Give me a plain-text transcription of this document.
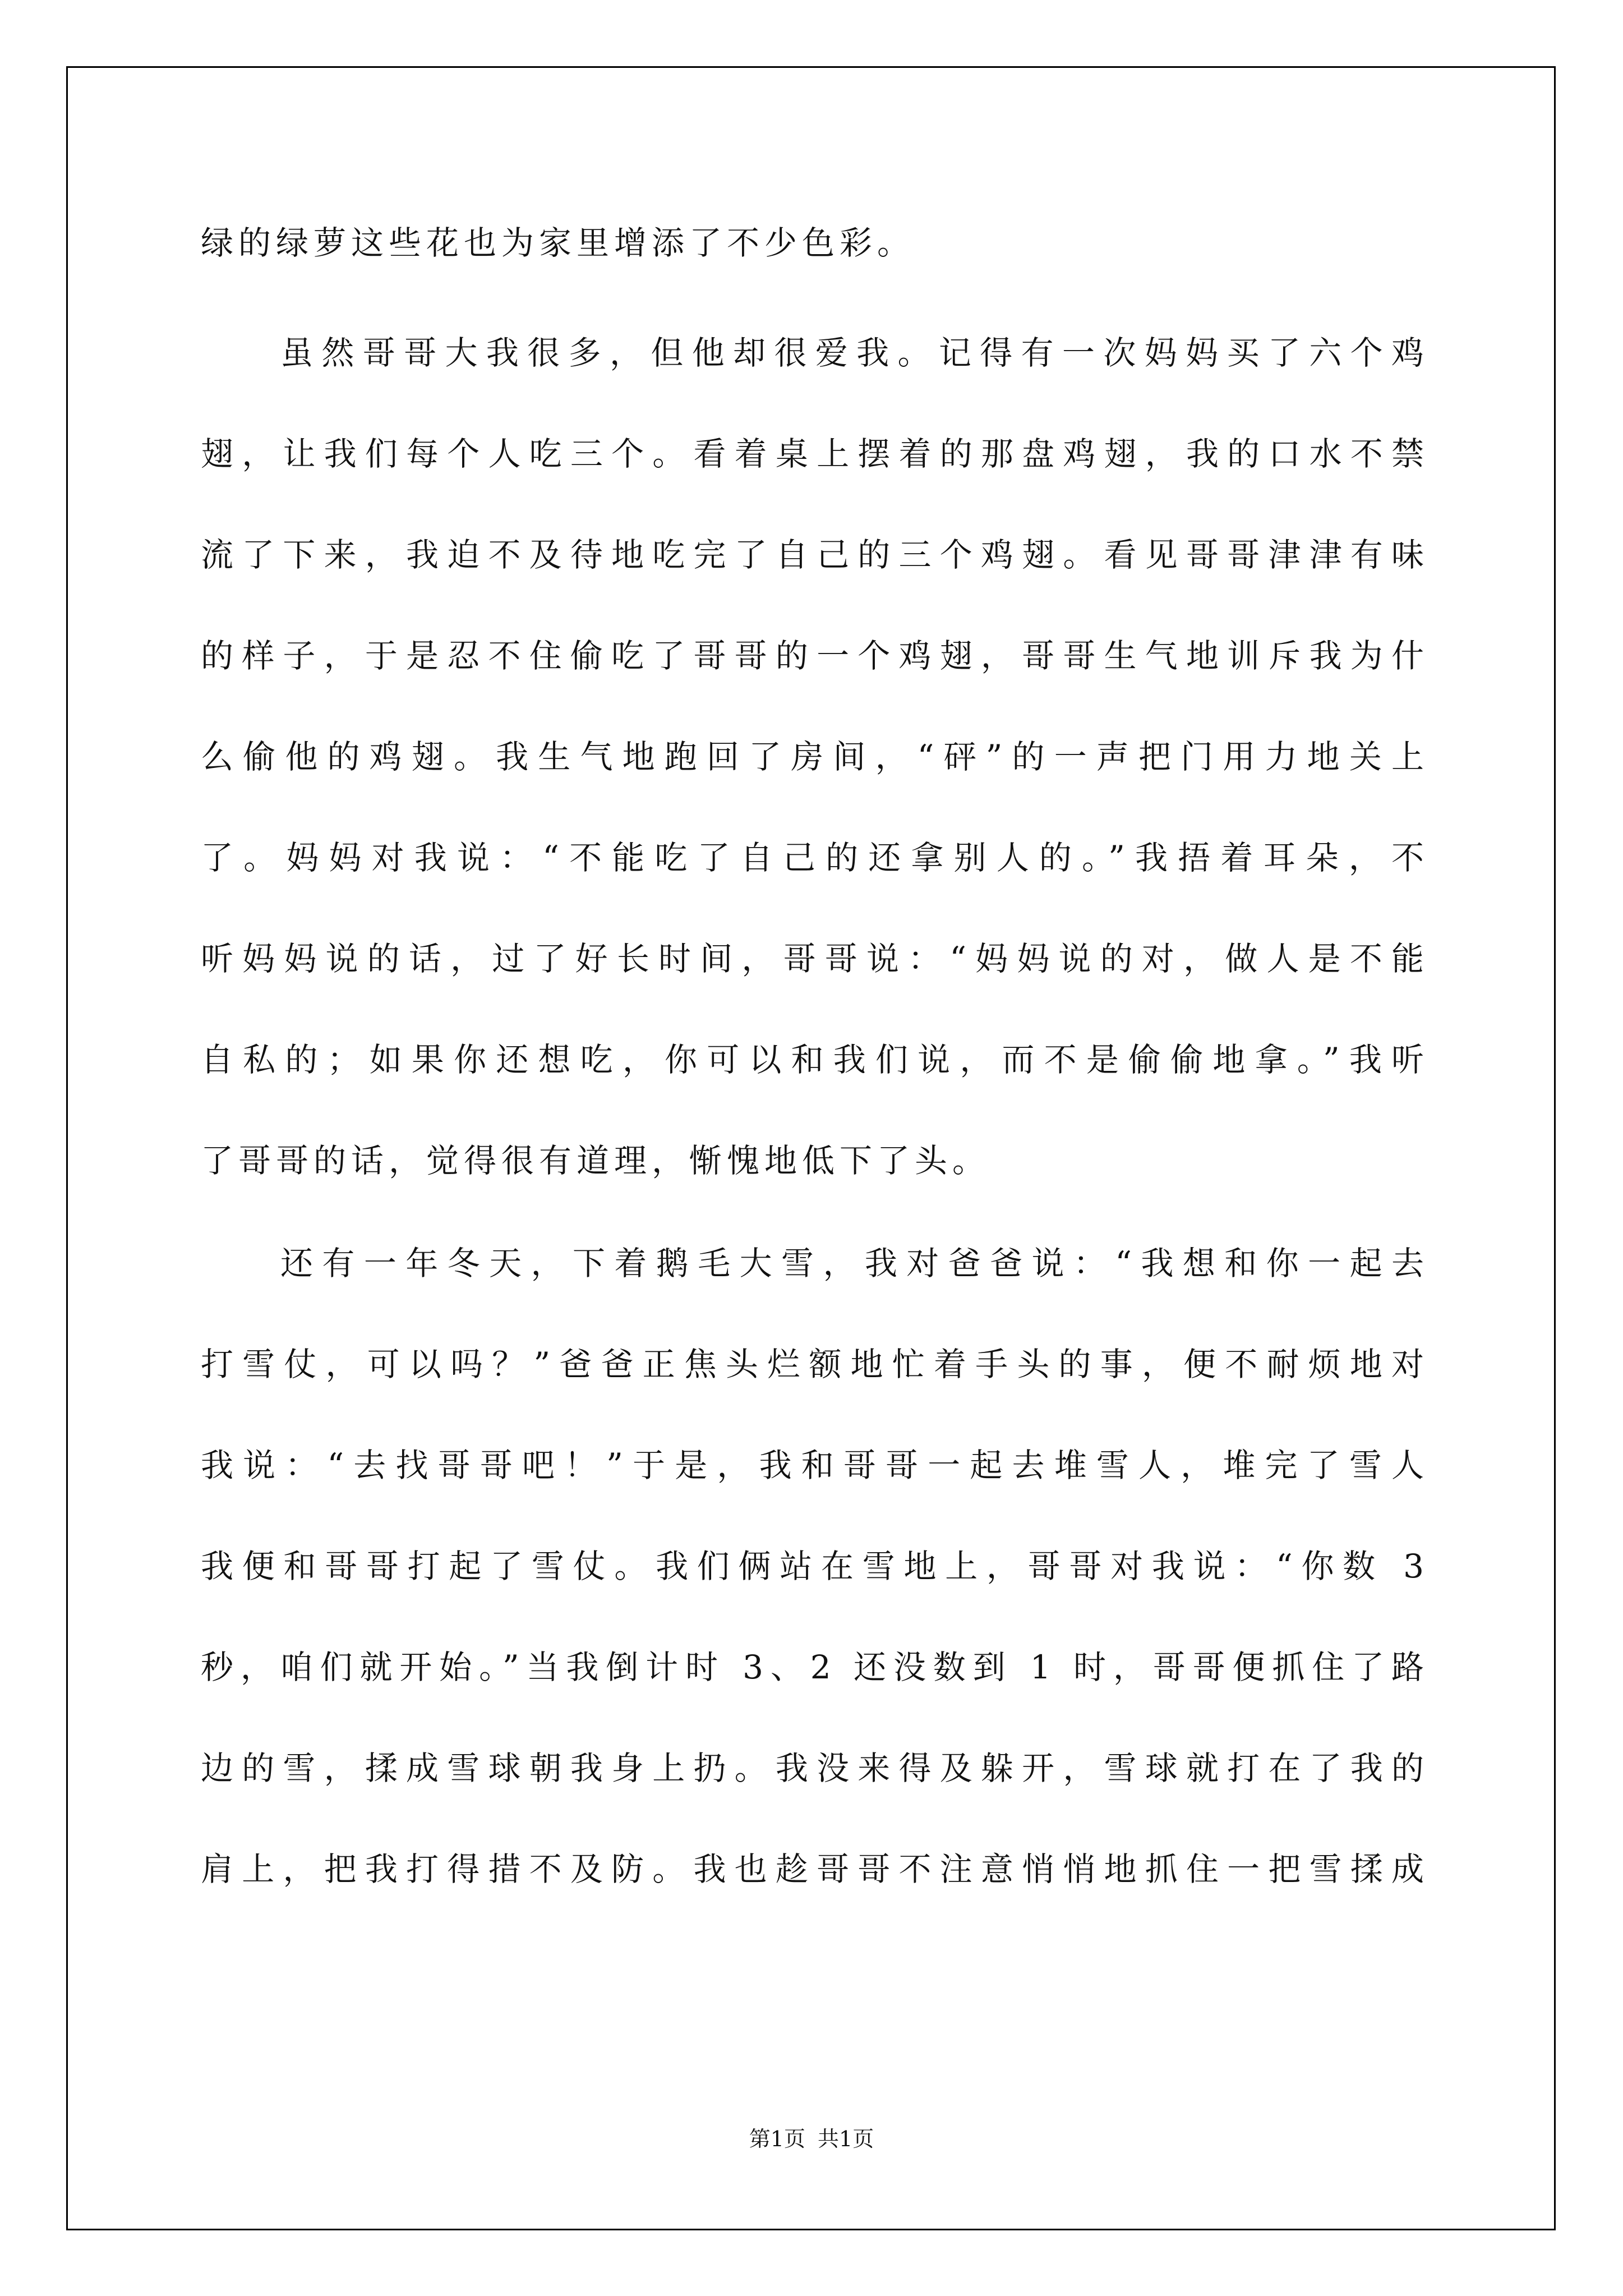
绿的绿萝这些花也为家里增添了不少色彩。

虽然哥哥大我很多，但他却很爱我。记得有一次妈妈买了六个鸡

翅，让我们每个人吃三个。看着桌上摆着的那盘鸡翅，我的口水不禁

流了下来，我迫不及待地吃完了自己的三个鸡翅。看见哥哥津津有味

的样子，于是忍不住偷吃了哥哥的一个鸡翅，哥哥生气地训斥我为什

么偷他的鸡翅。我生气地跑回了房间，“砰”的一声把门用力地关上

了。妈妈对我说：“不能吃了自己的还拿别人的。”我捂着耳朵，不

听妈妈说的话，过了好长时间，哥哥说：“妈妈说的对，做人是不能

自私的；如果你还想吃，你可以和我们说，而不是偷偷地拿。”我听

了哥哥的话，觉得很有道理，惭愧地低下了头。

还有一年冬天，下着鹅毛大雪，我对爸爸说：“我想和你一起去

打雪仗，可以吗？”爸爸正焦头烂额地忙着手头的事，便不耐烦地对

我说：“去找哥哥吧！”于是，我和哥哥一起去堆雪人，堆完了雪人

我便和哥哥打起了雪仗。我们俩站在雪地上，哥哥对我说：“你数 3

秒，咱们就开始。”当我倒计时 3、2 还没数到 1 时，哥哥便抓住了路

边的雪，揉成雪球朝我身上扔。我没来得及躲开，雪球就打在了我的

肩上，把我打得措不及防。我也趁哥哥不注意悄悄地抓住一把雪揉成

第1页 共1页
